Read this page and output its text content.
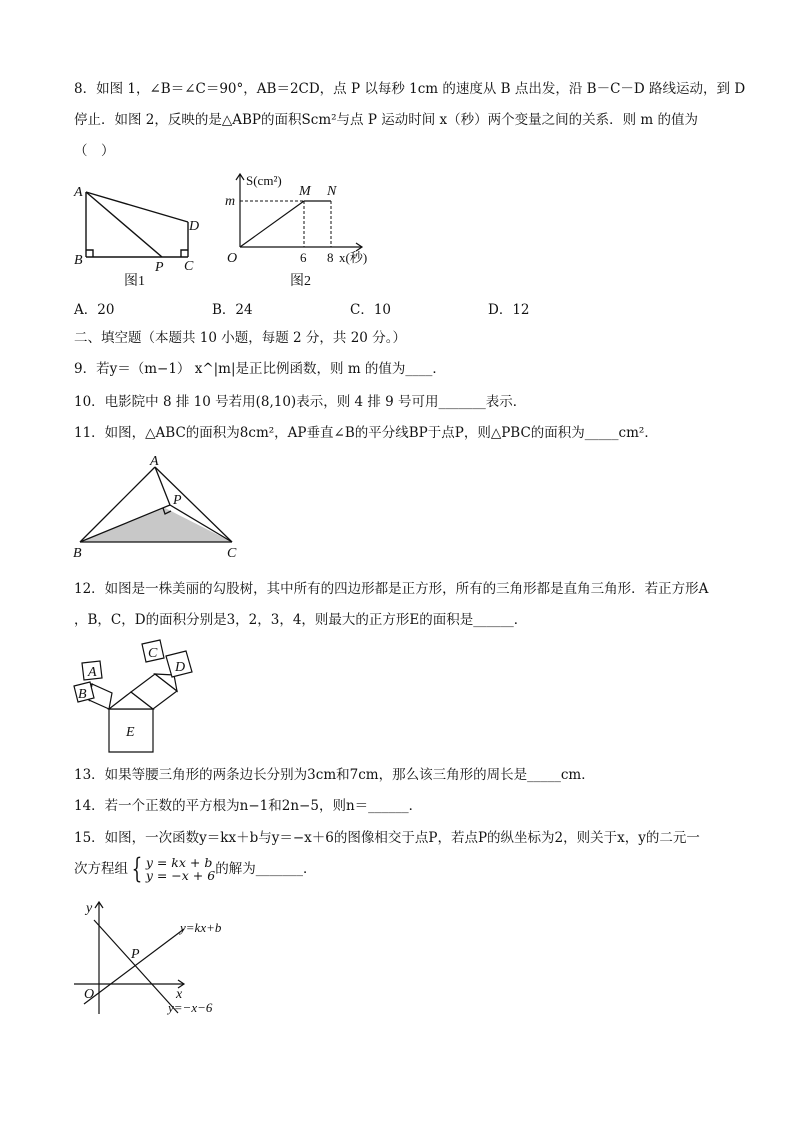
8．如图 1，∠B＝∠C＝90°，AB＝2CD，点 P 以每秒 1cm 的速度从 B 点出发，沿 B－C－D 路线运动，到 D
停止．如图 2，反映的是△ABP的面积Scm²与点 P 运动时间 x（秒）两个变量之间的关系．则 m 的值为
（　）
A
B	C
D
P
图1
S(cm²)
m
M N
O	6 8 x(秒)
图2
A．20	B．24	C．10	D．12
二、填空题（本题共 10 小题，每题 2 分，共 20 分。）
9．若y＝（m−1） x^|m|是正比例函数，则 m 的值为____．
10．电影院中 8 排 10 号若用(8,10)表示，则 4 排 9 号可用_______表示．
11．如图，△ABC的面积为8cm²，AP垂直∠B的平分线BP于点P，则△PBC的面积为_____cm²．
A
B	C
P
12．如图是一株美丽的勾股树，其中所有的四边形都是正方形，所有的三角形都是直角三角形．若正方形A
，B，C，D的面积分别是3，2，3，4，则最大的正方形E的面积是______．
A
B
C
D
E
13．如果等腰三角形的两条边长分别为3cm和7cm，那么该三角形的周长是_____cm．
14．若一个正数的平方根为n−1和2n−5，则n＝______．
15．如图，一次函数y＝kx＋b与y＝−x＋6的图像相交于点P，若点P的纵坐标为2，则关于x，y的二元一
次方程组 { y = kx + b
y = −x + 6 的解为_______．
y
x
O
P
y=kx+b
y=−x−6
